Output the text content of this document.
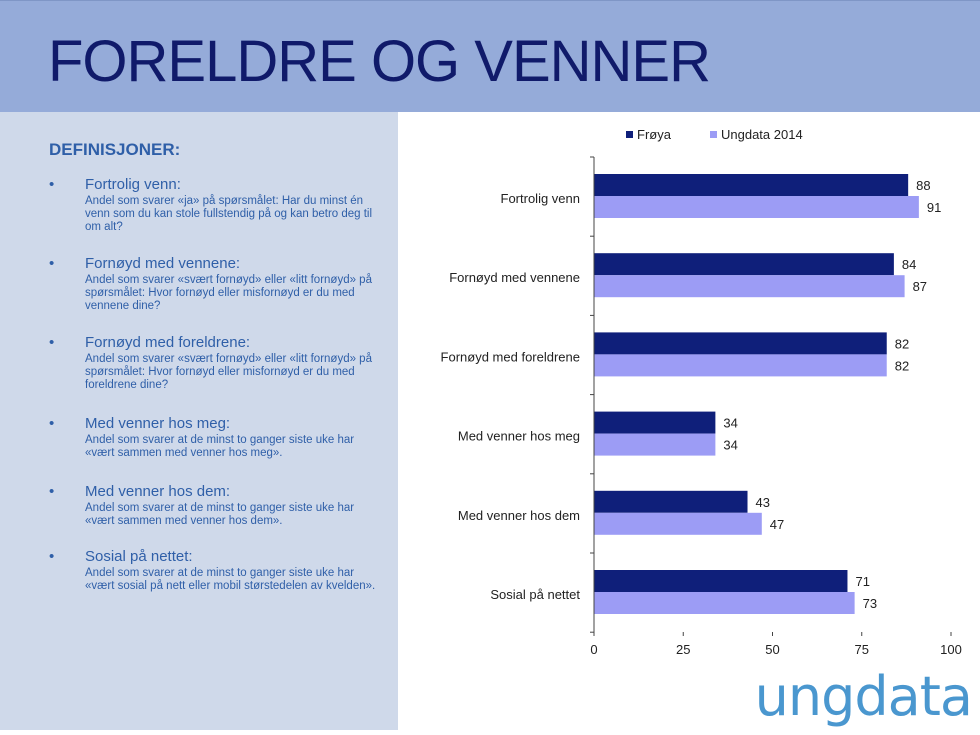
FORELDRE OG VENNER
DEFINISJONER:
• Fortrolig venn:
Andel som svarer «ja» på spørsmålet: Har du minst én venn som du kan stole fullstendig på og kan betro deg til om alt?
• Fornøyd med vennene:
Andel som svarer «svært fornøyd» eller «litt fornøyd» på spørsmålet: Hvor fornøyd eller misfornøyd er du med vennene dine?
• Fornøyd med foreldrene:
Andel som svarer «svært fornøyd» eller «litt fornøyd» på spørsmålet: Hvor fornøyd eller misfornøyd er du med foreldrene dine?
• Med venner hos meg:
Andel som svarer at de minst to ganger siste uke har «vært sammen med venner hos meg».
• Med venner hos dem:
Andel som svarer at de minst to ganger siste uke har «vært sammen med venner hos dem».
• Sosial på nettet:
Andel som svarer at de minst to ganger siste uke har «vært sosial på nett eller mobil størstedelen av kvelden».
Frøya	Ungdata 2014
Fortrolig venn
88
91
Fornøyd med vennene
84
87
Fornøyd med foreldrene
82
82
Med venner hos meg
34
34
Med venner hos dem
43
47
Sosial på nettet
71
73
0	25	50	75	100
ungdata
